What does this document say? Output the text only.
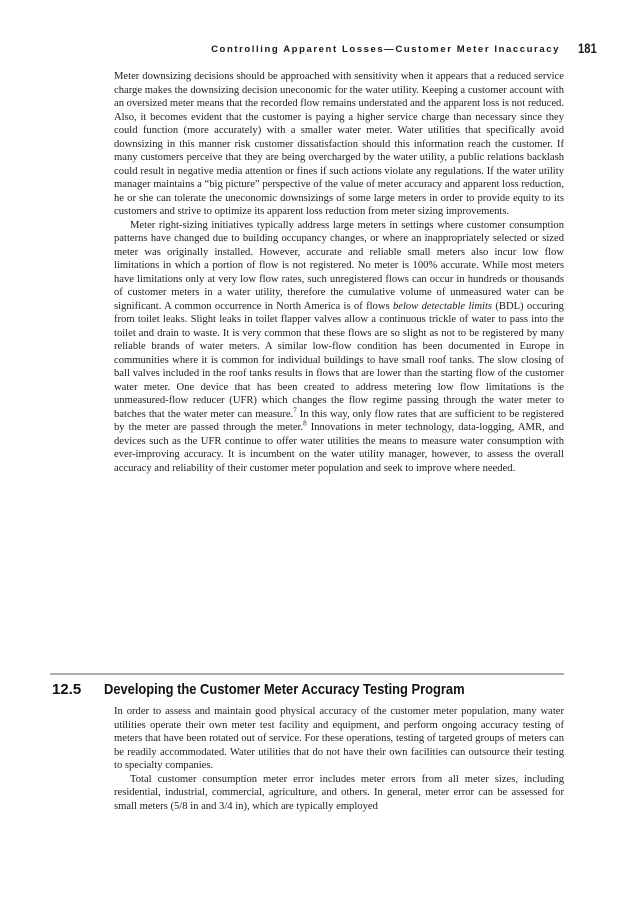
Controlling Apparent Losses—Customer Meter Inaccuracy 181

Meter downsizing decisions should be approached with sensitivity when it appears that a reduced service charge makes the downsizing decision uneconomic for the water utility. Keeping a customer account with an oversized meter means that the recorded flow remains understated and the apparent loss is not reduced. Also, it becomes evident that the customer is paying a higher service charge than necessary since they could function (more accurately) with a smaller water meter. Water utilities that specifically avoid downsizing in this manner risk customer dissatisfaction should this information reach the customer. If many customers perceive that they are being overcharged by the water utility, a public relations backlash could result in negative media attention or fines if such actions violate any regulations. If the water utility manager maintains a “big picture” perspective of the value of meter accuracy and apparent loss reduction, he or she can tolerate the uneconomic downsizings of some large meters in order to provide equity to its customers and strive to optimize its apparent loss reduction from meter sizing improvements.

Meter right-sizing initiatives typically address large meters in settings where customer consumption patterns have changed due to building occupancy changes, or where an inappropriately selected or sized meter was originally installed. However, accurate and reliable small meters also incur low flow limitations in which a portion of flow is not registered. No meter is 100% accurate. While most meters have limitations only at very low flow rates, such unregistered flows can occur in hundreds or thousands of customer meters in a water utility, therefore the cumulative volume of unmeasured water can be significant. A common occurrence in North America is of flows below detectable limits (BDL) occuring from toilet leaks. Slight leaks in toilet flapper valves allow a continuous trickle of water to pass into the toilet and drain to waste. It is very common that these flows are so slight as not to be registered by many reliable brands of water meters. A similar low-flow condition has been documented in Europe in communities where it is common for individual buildings to have small roof tanks. The slow closing of ball valves included in the roof tanks results in flows that are lower than the starting flow of the customer water meter. One device that has been created to address metering low flow limitations is the unmeasured-flow reducer (UFR) which changes the flow regime passing through the water meter to batches that the water meter can measure.$^7$ In this way, only flow rates that are sufficient to be registered by the meter are passed through the meter.$^8$ Innovations in meter technology, data-logging, AMR, and devices such as the UFR continue to offer water utilities the means to measure water consumption with ever-improving accuracy. It is incumbent on the water utility manager, however, to assess the overall accuracy and reliability of their customer meter population and seek to improve where needed.

12.5 Developing the Customer Meter Accuracy Testing Program

In order to assess and maintain good physical accuracy of the customer meter population, many water utilities operate their own meter test facility and equipment, and perform ongoing accuracy testing of meters that have been rotated out of service. For these operations, testing of targeted groups of meters can be readily accommodated. Water utilities that do not have their own facilities can outsource their testing to specialty companies.

Total customer consumption meter error includes meter errors from all meter sizes, including residential, industrial, commercial, agriculture, and others. In general, meter error can be assessed for small meters (5/8 in and 3/4 in), which are typically employed
